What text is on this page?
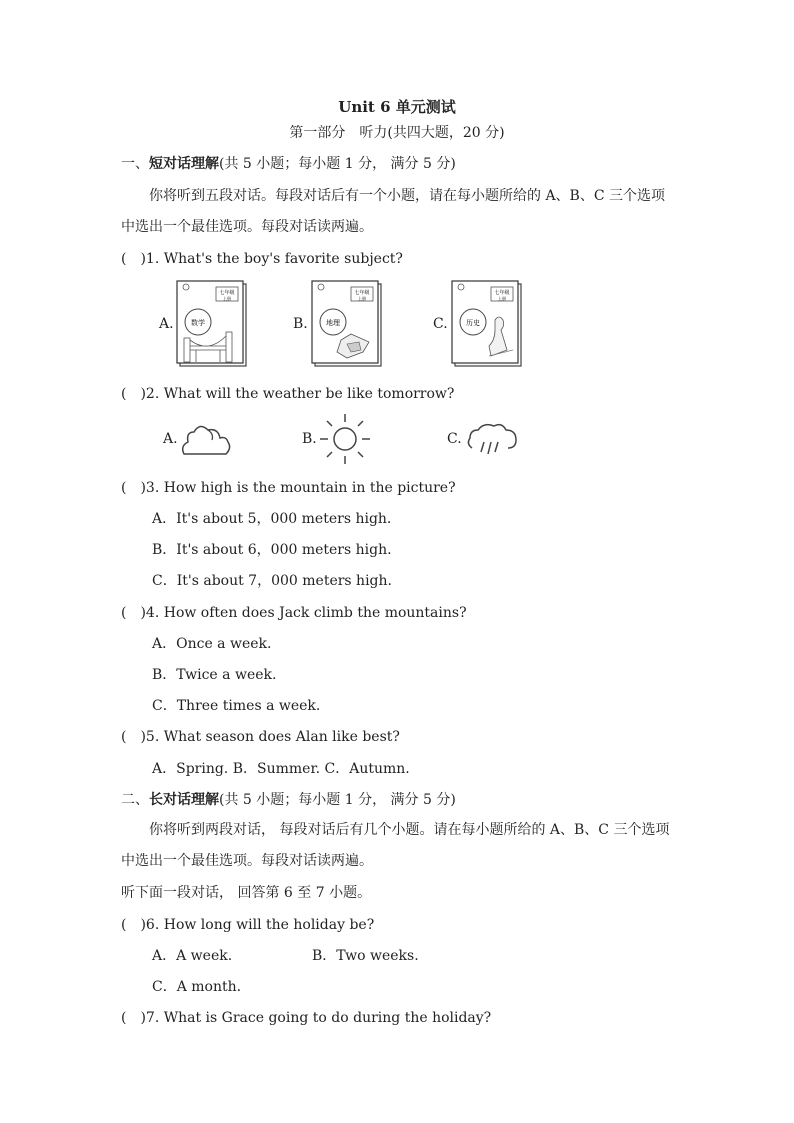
Unit 6 单元测试
第一部分　听力(共四大题，20 分)
一、短对话理解(共 5 小题；每小题 1 分， 满分 5 分)
你将听到五段对话。每段对话后有一个小题，请在每小题所给的 A、B、C 三个选项中选出一个最佳选项。每段对话读两遍。
(　)1. What's the boy's favorite subject?
A.	B.	C.
七年级
上册
数学
七年级
上册
地理
七年级
上册
历史
(　)2. What will the weather be like tomorrow?
A.	B.	C.
(　)3. How high is the mountain in the picture?
A．It's about 5，000 meters high.
B．It's about 6，000 meters high.
C．It's about 7，000 meters high.
(　)4. How often does Jack climb the mountains?
A．Once a week.
B．Twice a week.
C．Three times a week.
(　)5. What season does Alan like best?
A．Spring. B．Summer. C．Autumn.
二、长对话理解(共 5 小题；每小题 1 分， 满分 5 分)
你将听到两段对话， 每段对话后有几个小题。请在每小题所给的 A、B、C 三个选项中选出一个最佳选项。每段对话读两遍。
听下面一段对话， 回答第 6 至 7 小题。
(　)6. How long will the holiday be?
A．A week.	B．Two weeks.
C．A month.
(　)7. What is Grace going to do during the holiday?
